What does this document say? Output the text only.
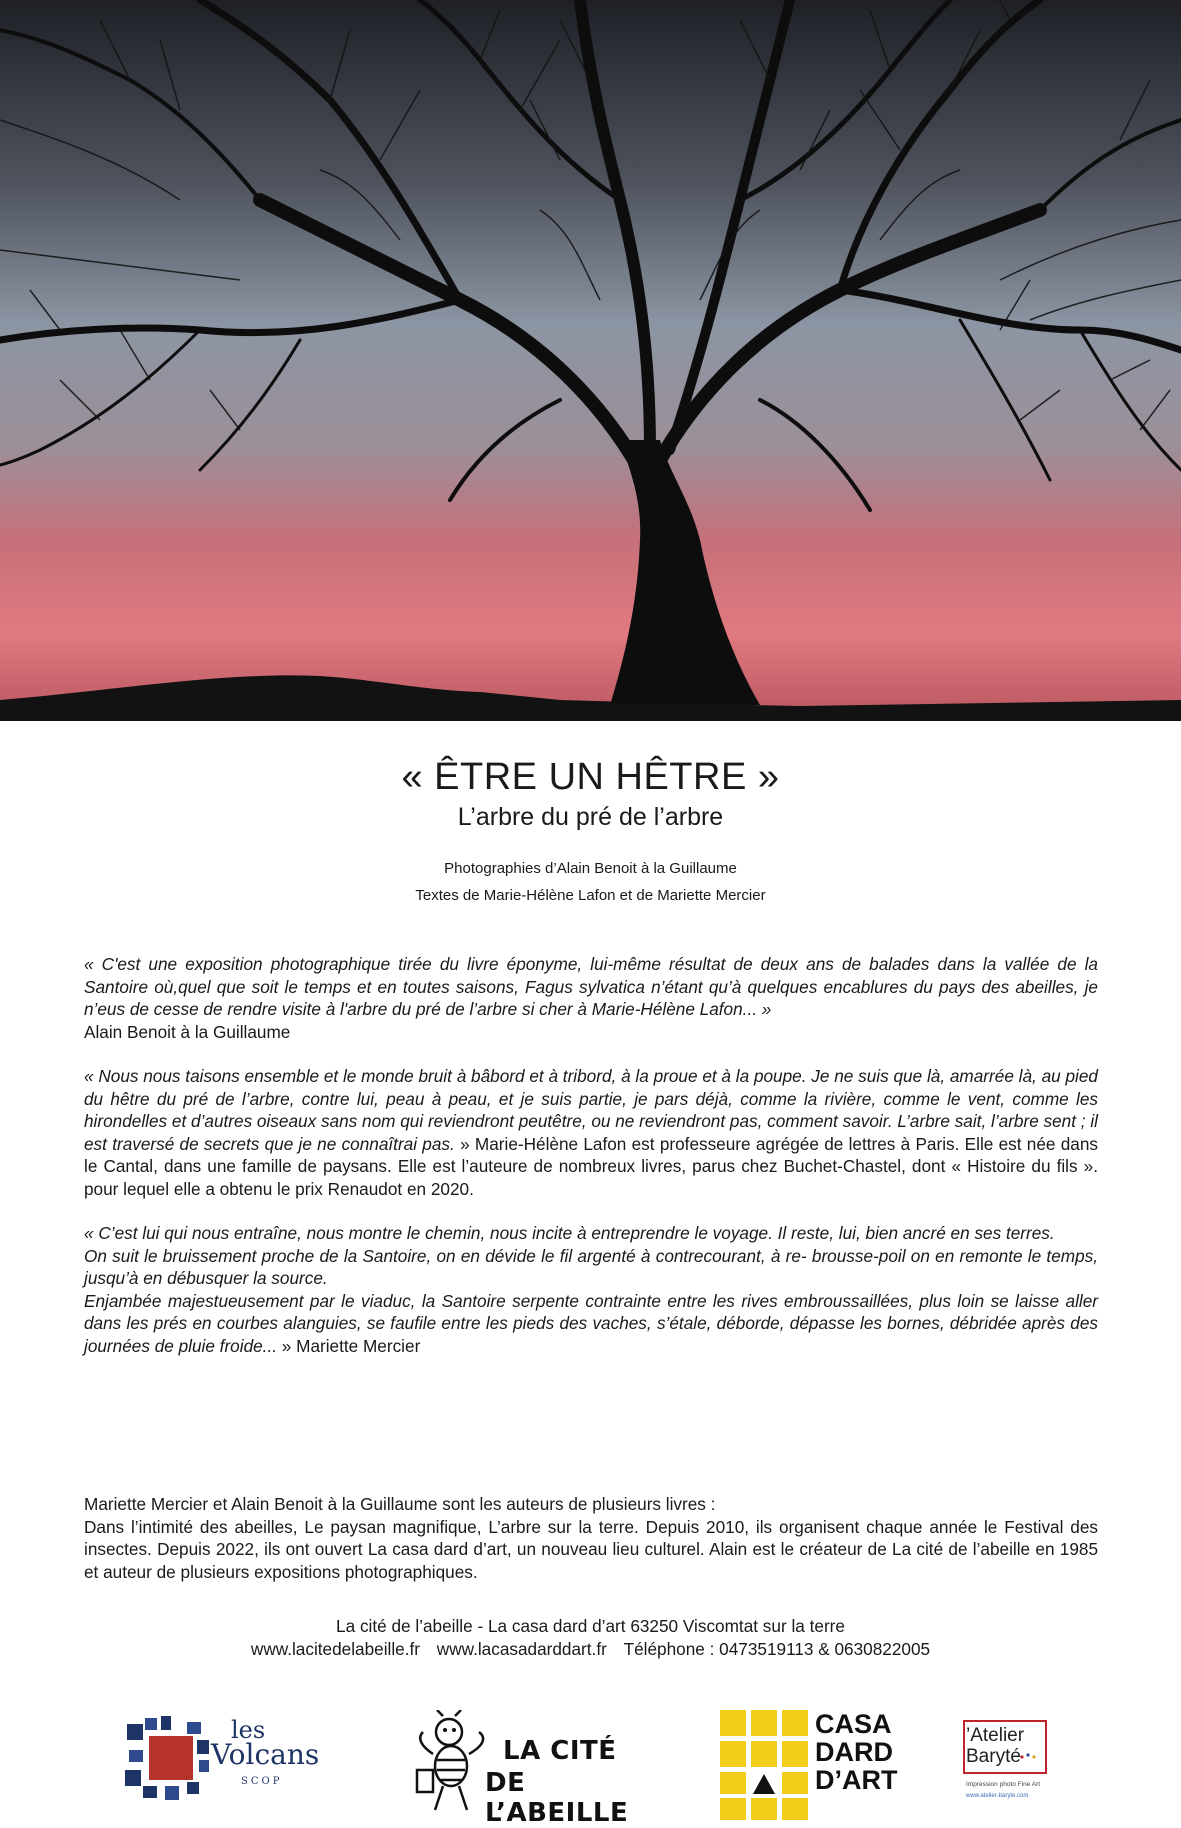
« ÊTRE UN HÊTRE »
L’arbre du pré de l’arbre
Photographies d’Alain Benoit à la Guillaume
Textes de Marie-Hélène Lafon et de Mariette Mercier

« C'est une exposition photographique tirée du livre éponyme, lui-même résultat de deux ans de balades dans la vallée de la Santoire où,quel que soit le temps et en toutes saisons, Fagus sylvatica n’étant qu’à quelques encablures du pays des abeilles, je n’eus de cesse de rendre visite à l'arbre du pré de l’arbre si cher à Marie-Hélène Lafon... »
Alain Benoit à la Guillaume

« Nous nous taisons ensemble et le monde bruit à bâbord et à tribord, à la proue et à la poupe. Je ne suis que là, amarrée là, au pied du hêtre du pré de l’arbre, contre lui, peau à peau, et je suis partie, je pars déjà, comme la rivière, comme le vent, comme les hirondelles et d’autres oiseaux sans nom qui reviendront peutêtre, ou ne reviendront pas, comment savoir. L’arbre sait, l’arbre sent ; il est traversé de secrets que je ne connaîtrai pas. » Marie-Hélène Lafon est professeure agrégée de lettres à Paris. Elle est née dans le Cantal, dans une famille de paysans. Elle est l’auteure de nombreux livres, parus chez Buchet-Chastel, dont « Histoire du fils ». pour lequel elle a obtenu le prix Renaudot en 2020.

« C’est lui qui nous entraîne, nous montre le chemin, nous incite à entreprendre le voyage. Il reste, lui, bien ancré en ses terres.
On suit le bruissement proche de la Santoire, on en dévide le fil argenté à contrecourant, à re- brousse-poil on en remonte le temps, jusqu’à en débusquer la source.
Enjambée majestueusement par le viaduc, la Santoire serpente contrainte entre les rives embroussaillées, plus loin se laisse aller dans les prés en courbes alanguies, se faufile entre les pieds des vaches, s’étale, déborde, dépasse les bornes, débridée après des journées de pluie froide... » Mariette Mercier

Mariette Mercier et Alain Benoit à la Guillaume sont les auteurs de plusieurs livres :

Dans l’intimité des abeilles, Le paysan magnifique, L’arbre sur la terre. Depuis 2010, ils organisent chaque année le Festival des insectes. Depuis 2022, ils ont ouvert La casa dard d’art, un nouveau lieu culturel. Alain est le créateur de La cité de l’abeille en 1985 et auteur de plusieurs expositions photographiques.

La cité de l’abeille - La casa dard d’art 63250 Viscomtat sur la terre
www.lacitedelabeille.fr www.lacasadarddart.fr Téléphone : 0473519113 & 0630822005
les
Volcans
SCOP
LA CITÉ
DE L’ABEILLE
CASA
DARD
D’ART
’Atelier
Baryté
Impression photo Fine Art
www.atelier-baryte.com
